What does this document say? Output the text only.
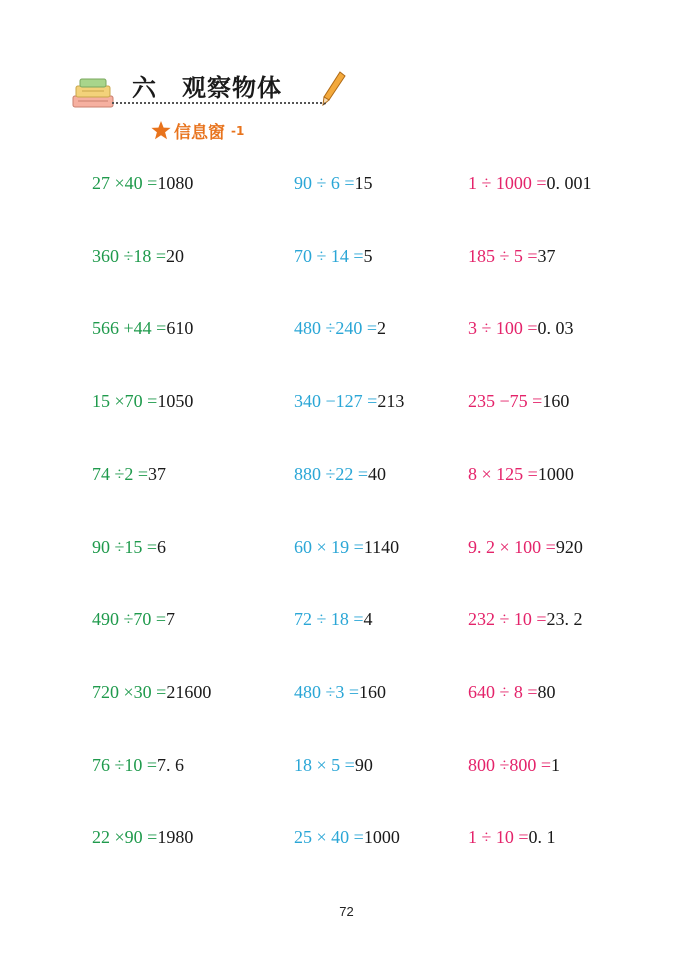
六　观察物体
信息窗 -1
27 ×40 =1080	90 ÷ 6 =15	1 ÷ 1000 =0. 001
360 ÷18 =20	70 ÷ 14 =5	185 ÷ 5 =37
566 +44 =610	480 ÷240 =2	3 ÷ 100 =0. 03
15 ×70 =1050	340 −127 =213	235 −75 =160
74 ÷2 =37	880 ÷22 =40	8 × 125 =1000
90 ÷15 =6	60 × 19 =1140	9. 2 × 100 =920
490 ÷70 =7	72 ÷ 18 =4	232 ÷ 10 =23. 2
720 ×30 =21600	480 ÷3 =160	640 ÷ 8 =80
76 ÷10 =7. 6	18 × 5 =90	800 ÷800 =1
22 ×90 =1980	25 × 40 =1000	1 ÷ 10 =0. 1
72
